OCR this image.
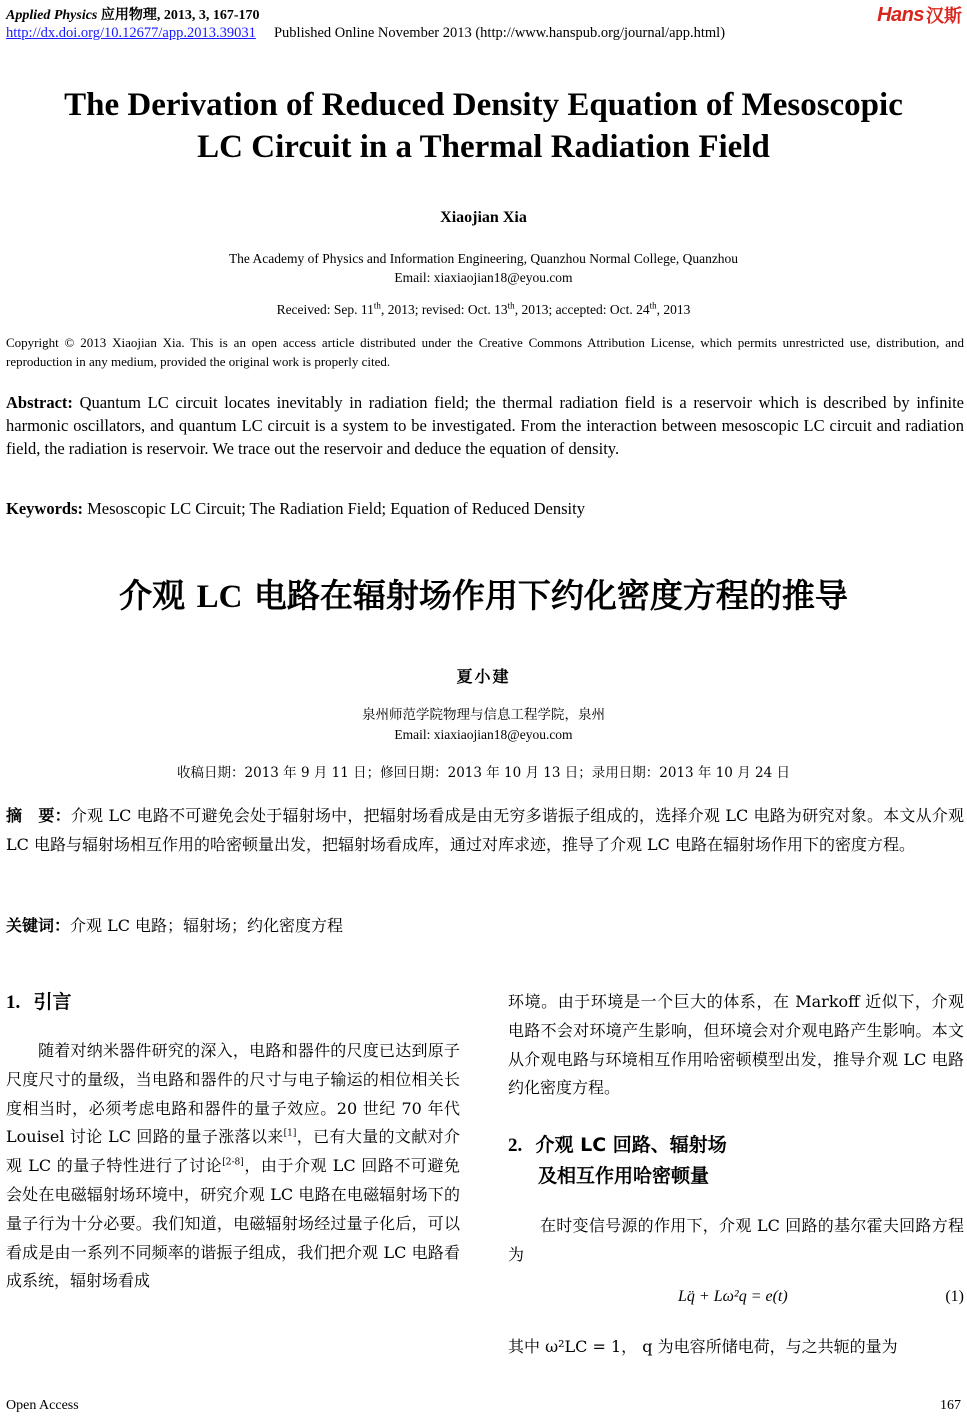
Applied Physics 应用物理, 2013, 3, 167-170
http://dx.doi.org/10.12677/app.2013.39031 Published Online November 2013 (http://www.hanspub.org/journal/app.html)
Hans 汉斯
The Derivation of Reduced Density Equation of Mesoscopic
LC Circuit in a Thermal Radiation Field
Xiaojian Xia
The Academy of Physics and Information Engineering, Quanzhou Normal College, Quanzhou
Email: xiaxiaojian18@eyou.com
Received: Sep. 11th, 2013; revised: Oct. 13th, 2013; accepted: Oct. 24th, 2013
Copyright © 2013 Xiaojian Xia. This is an open access article distributed under the Creative Commons Attribution License, which permits unrestricted use, distribution, and reproduction in any medium, provided the original work is properly cited.
Abstract: Quantum LC circuit locates inevitably in radiation field; the thermal radiation field is a reservoir which is described by infinite harmonic oscillators, and quantum LC circuit is a system to be investigated. From the interaction between mesoscopic LC circuit and radiation field, the radiation is reservoir. We trace out the reservoir and deduce the equation of density.
Keywords: Mesoscopic LC Circuit; The Radiation Field; Equation of Reduced Density
介观 LC 电路在辐射场作用下约化密度方程的推导
夏小建
泉州师范学院物理与信息工程学院，泉州
Email: xiaxiaojian18@eyou.com
收稿日期：2013 年 9 月 11 日；修回日期：2013 年 10 月 13 日；录用日期：2013 年 10 月 24 日
摘　要：介观 LC 电路不可避免会处于辐射场中，把辐射场看成是由无穷多谐振子组成的，选择介观 LC 电路为研究对象。本文从介观 LC 电路与辐射场相互作用的哈密顿量出发，把辐射场看成库，通过对库求迹，推导了介观 LC 电路在辐射场作用下的密度方程。
关键词：介观 LC 电路；辐射场；约化密度方程
1. 引言
随着对纳米器件研究的深入，电路和器件的尺度已达到原子尺度尺寸的量级，当电路和器件的尺寸与电子输运的相位相关长度相当时，必须考虑电路和器件的量子效应。20 世纪 70 年代 Louisel 讨论 LC 回路的量子涨落以来[1]，已有大量的文献对介观 LC 的量子特性进行了讨论[2-8]，由于介观 LC 回路不可避免会处在电磁辐射场环境中，研究介观 LC 电路在电磁辐射场下的量子行为十分必要。我们知道，电磁辐射场经过量子化后，可以看成是由一系列不同频率的谐振子组成，我们把介观 LC 电路看成系统，辐射场看成
环境。由于环境是一个巨大的体系，在 Markoff 近似下，介观电路不会对环境产生影响，但环境会对介观电路产生影响。本文从介观电路与环境相互作用哈密顿模型出发，推导介观 LC 电路约化密度方程。
2. 介观 LC 回路、辐射场
及相互作用哈密顿量
在时变信号源的作用下，介观 LC 回路的基尔霍夫回路方程为
Lq̈ + Lω²q = e(t)	(1)
其中 ω²LC = 1， q 为电容所储电荷，与之共轭的量为
Open Access	167
